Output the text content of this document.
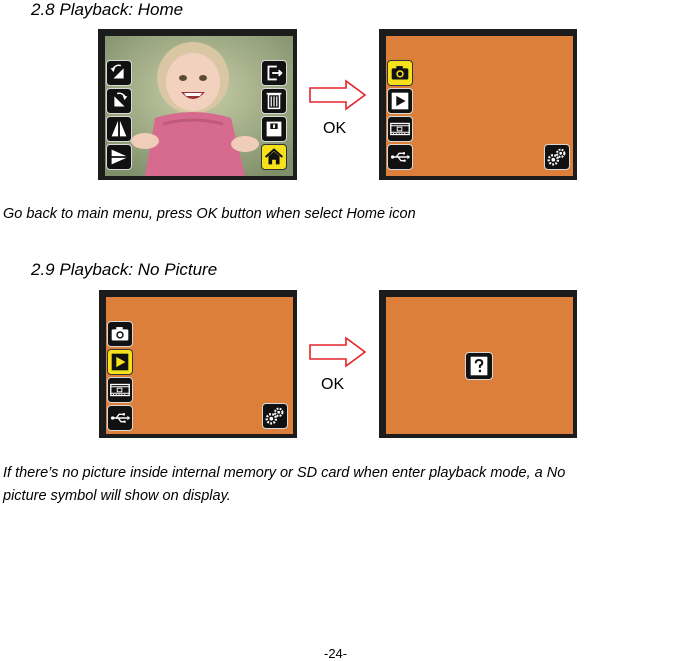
2.8 Playback: Home
OK
Go back to main menu, press OK button when select Home icon
2.9 Playback: No Picture
OK
If there’s no picture inside internal memory or SD card when enter playback mode, a No
picture symbol will show on display.
-24-
